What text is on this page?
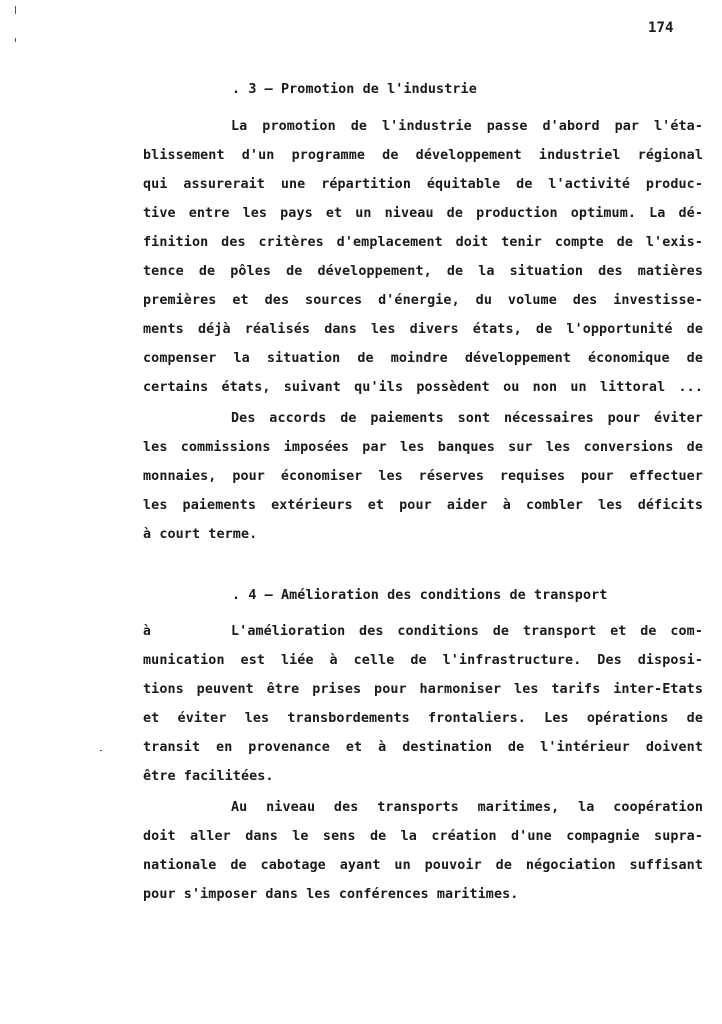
174
. 3 – Promotion de l'industrie
La promotion de l'industrie passe d'abord par l'éta-
blissement d'un programme de développement industriel régional
qui assurerait une répartition équitable de l'activité produc-
tive entre les pays et un niveau de production optimum. La dé-
finition des critères d'emplacement doit tenir compte de l'exis-
tence de pôles de développement, de la situation des matières
premières et des sources d'énergie, du volume des investisse-
ments déjà réalisés dans les divers états, de l'opportunité de
compenser la situation de moindre développement économique de
certains états, suivant qu'ils possèdent ou non un littoral ...
Des accords de paiements sont nécessaires pour éviter
les commissions imposées par les banques sur les conversions de
monnaies, pour économiser les réserves requises pour effectuer
les paiements extérieurs et pour aider à combler les déficits
à court terme.
. 4 – Amélioration des conditions de transport
à	L'amélioration des conditions de transport et de com-
munication est liée à celle de l'infrastructure. Des disposi-
tions peuvent être prises pour harmoniser les tarifs inter-Etats
et éviter les transbordements frontaliers. Les opérations de
transit en provenance et à destination de l'intérieur doivent
être facilitées.
Au niveau des transports maritimes, la coopération
doit aller dans le sens de la création d'une compagnie supra-
nationale de cabotage ayant un pouvoir de négociation suffisant
pour s'imposer dans les conférences maritimes.
